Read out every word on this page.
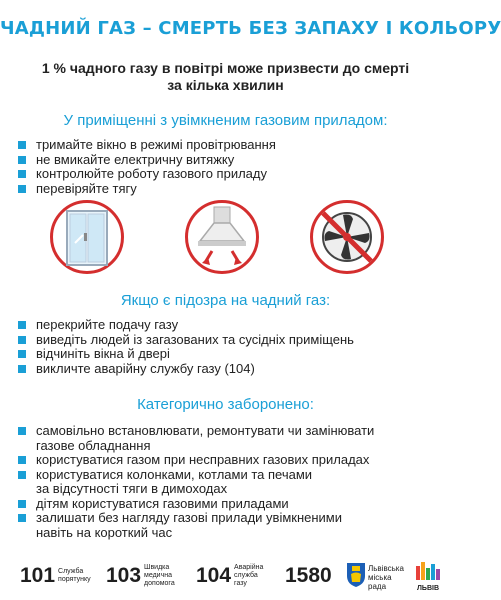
ЧАДНИЙ ГАЗ – СМЕРТЬ БЕЗ ЗАПАХУ І КОЛЬОРУ
1 % чадного газу в повітрі може призвести до смерті
за кілька хвилин
У приміщенні з увімкненим газовим приладом:
тримайте вікно в режимі провітрювання
не вмикайте електричну витяжку
контролюйте роботу газового приладу
перевіряйте тягу
Якщо є підозра на чадний газ:
перекрийте подачу газу
виведіть людей із загазованих та сусідніх приміщень
відчиніть вікна й двері
викличте аварійну службу газу (104)
Категорично заборонено:
самовільно встановлювати, ремонтувати чи замінювати
газове обладнання
користуватися газом при несправних газових приладах
користуватися колонками, котлами та печами
за відсутності тяги в димоходах
дітям користуватися газовими приладами
залишати без нагляду газові прилади увімкненими
навіть на короткий час
101 Служба
порятунку 103 Швидка
медична
допомога 104 Аварійна
служба
газу	1580	Львівська
міська
рада	ЛЬВІВ
